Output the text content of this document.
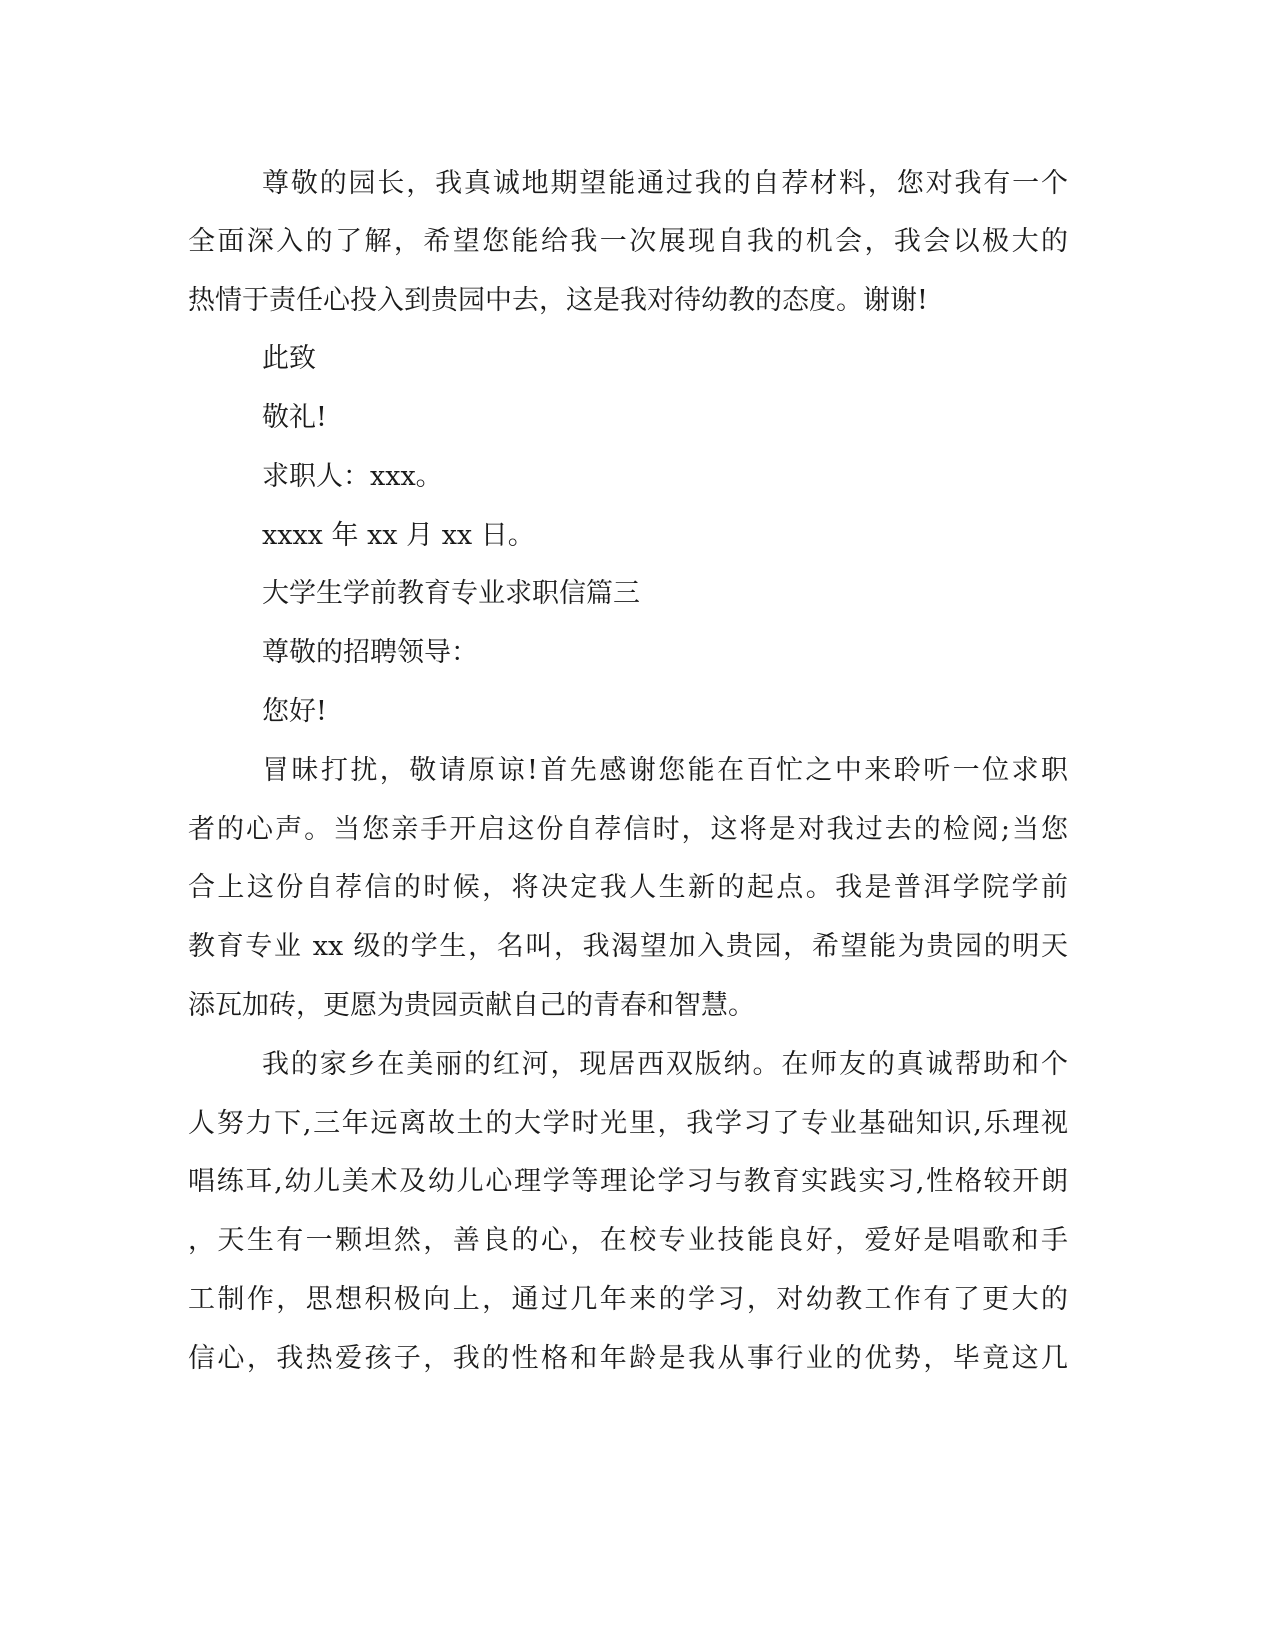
尊敬的园长，我真诚地期望能通过我的自荐材料，您对我有一个
全面深入的了解，希望您能给我一次展现自我的机会，我会以极大的
热情于责任心投入到贵园中去，这是我对待幼教的态度。谢谢!
此致
敬礼!
求职人：xxx。
xxxx 年 xx 月 xx 日。
大学生学前教育专业求职信篇三
尊敬的招聘领导：
您好!
冒昧打扰，敬请原谅!首先感谢您能在百忙之中来聆听一位求职
者的心声。当您亲手开启这份自荐信时，这将是对我过去的检阅;当您
合上这份自荐信的时候，将决定我人生新的起点。我是普洱学院学前
教育专业 xx 级的学生，名叫，我渴望加入贵园，希望能为贵园的明天
添瓦加砖，更愿为贵园贡献自己的青春和智慧。
我的家乡在美丽的红河，现居西双版纳。在师友的真诚帮助和个
人努力下,三年远离故土的大学时光里，我学习了专业基础知识,乐理视
唱练耳,幼儿美术及幼儿心理学等理论学习与教育实践实习,性格较开朗
，天生有一颗坦然，善良的心，在校专业技能良好，爱好是唱歌和手
工制作，思想积极向上，通过几年来的学习，对幼教工作有了更大的
信心，我热爱孩子，我的性格和年龄是我从事行业的优势，毕竟这几
